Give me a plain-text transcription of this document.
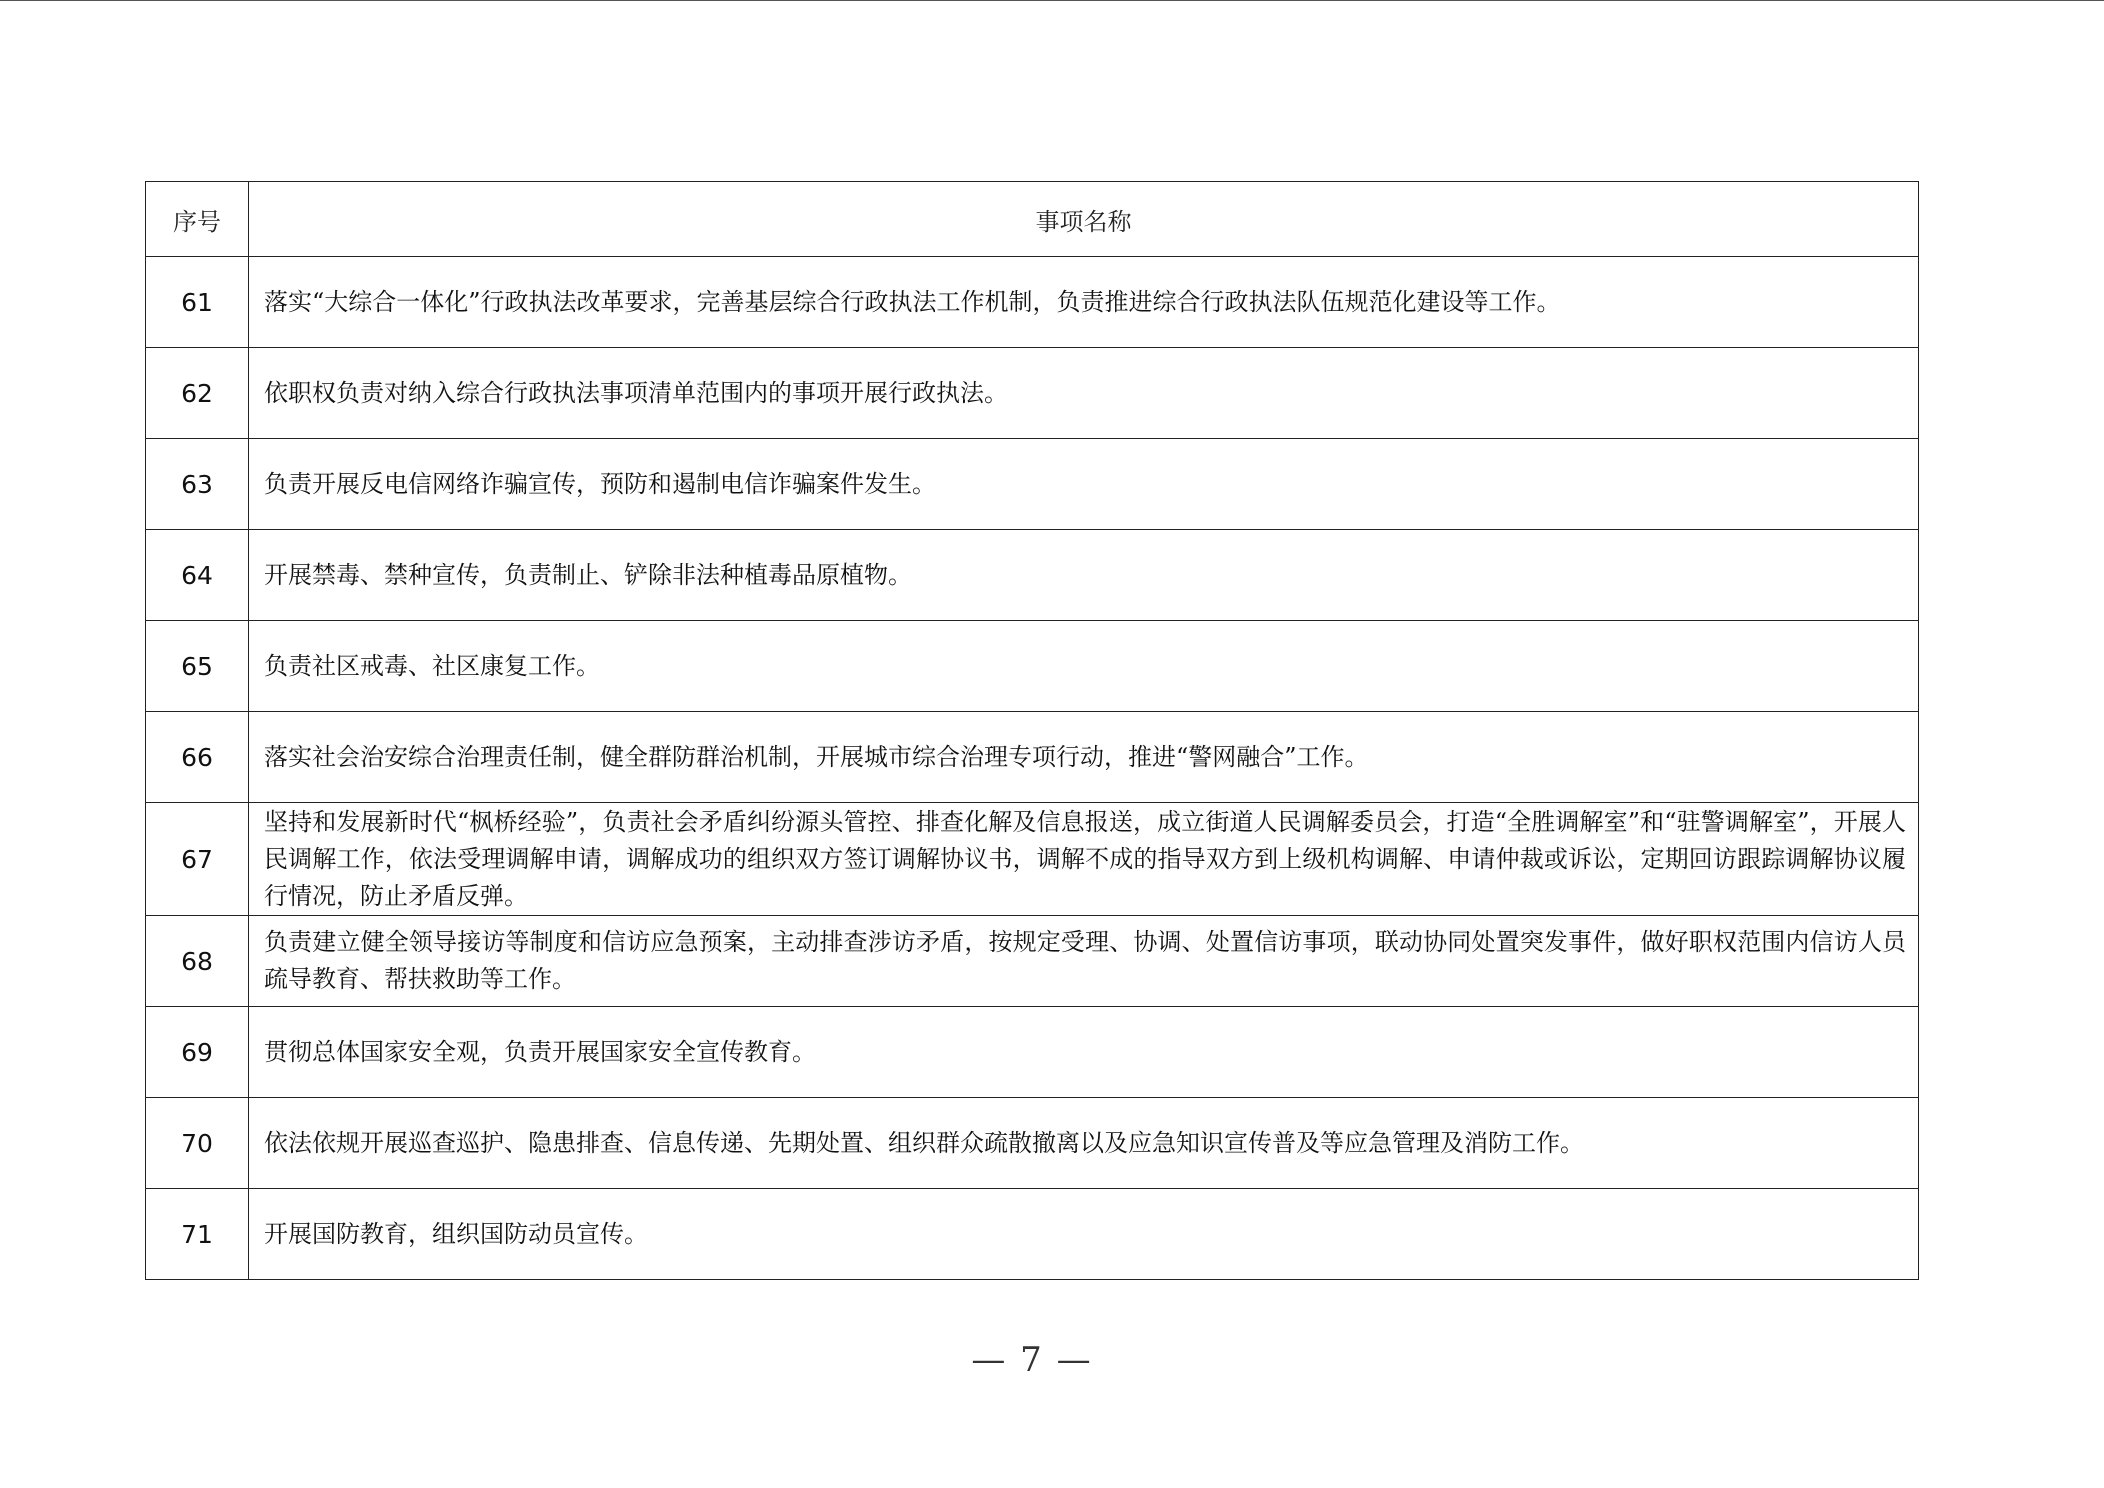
序号	事项名称
61	落实“大综合一体化”行政执法改革要求，完善基层综合行政执法工作机制，负责推进综合行政执法队伍规范化建设等工作。
62	依职权负责对纳入综合行政执法事项清单范围内的事项开展行政执法。
63	负责开展反电信网络诈骗宣传，预防和遏制电信诈骗案件发生。
64	开展禁毒、禁种宣传，负责制止、铲除非法种植毒品原植物。
65	负责社区戒毒、社区康复工作。
66	落实社会治安综合治理责任制，健全群防群治机制，开展城市综合治理专项行动，推进“警网融合”工作。
67	坚持和发展新时代“枫桥经验”，负责社会矛盾纠纷源头管控、排查化解及信息报送，成立街道人民调解委员会，打造“全胜调解室”和“驻警调解室”，开展人民调解工作，依法受理调解申请，调解成功的组织双方签订调解协议书，调解不成的指导双方到上级机构调解、申请仲裁或诉讼，定期回访跟踪调解协议履行情况，防止矛盾反弹。
68	负责建立健全领导接访等制度和信访应急预案，主动排查涉访矛盾，按规定受理、协调、处置信访事项，联动协同处置突发事件，做好职权范围内信访人员疏导教育、帮扶救助等工作。
69	贯彻总体国家安全观，负责开展国家安全宣传教育。
70	依法依规开展巡查巡护、隐患排查、信息传递、先期处置、组织群众疏散撤离以及应急知识宣传普及等应急管理及消防工作。
71	开展国防教育，组织国防动员宣传。
— 7 —
